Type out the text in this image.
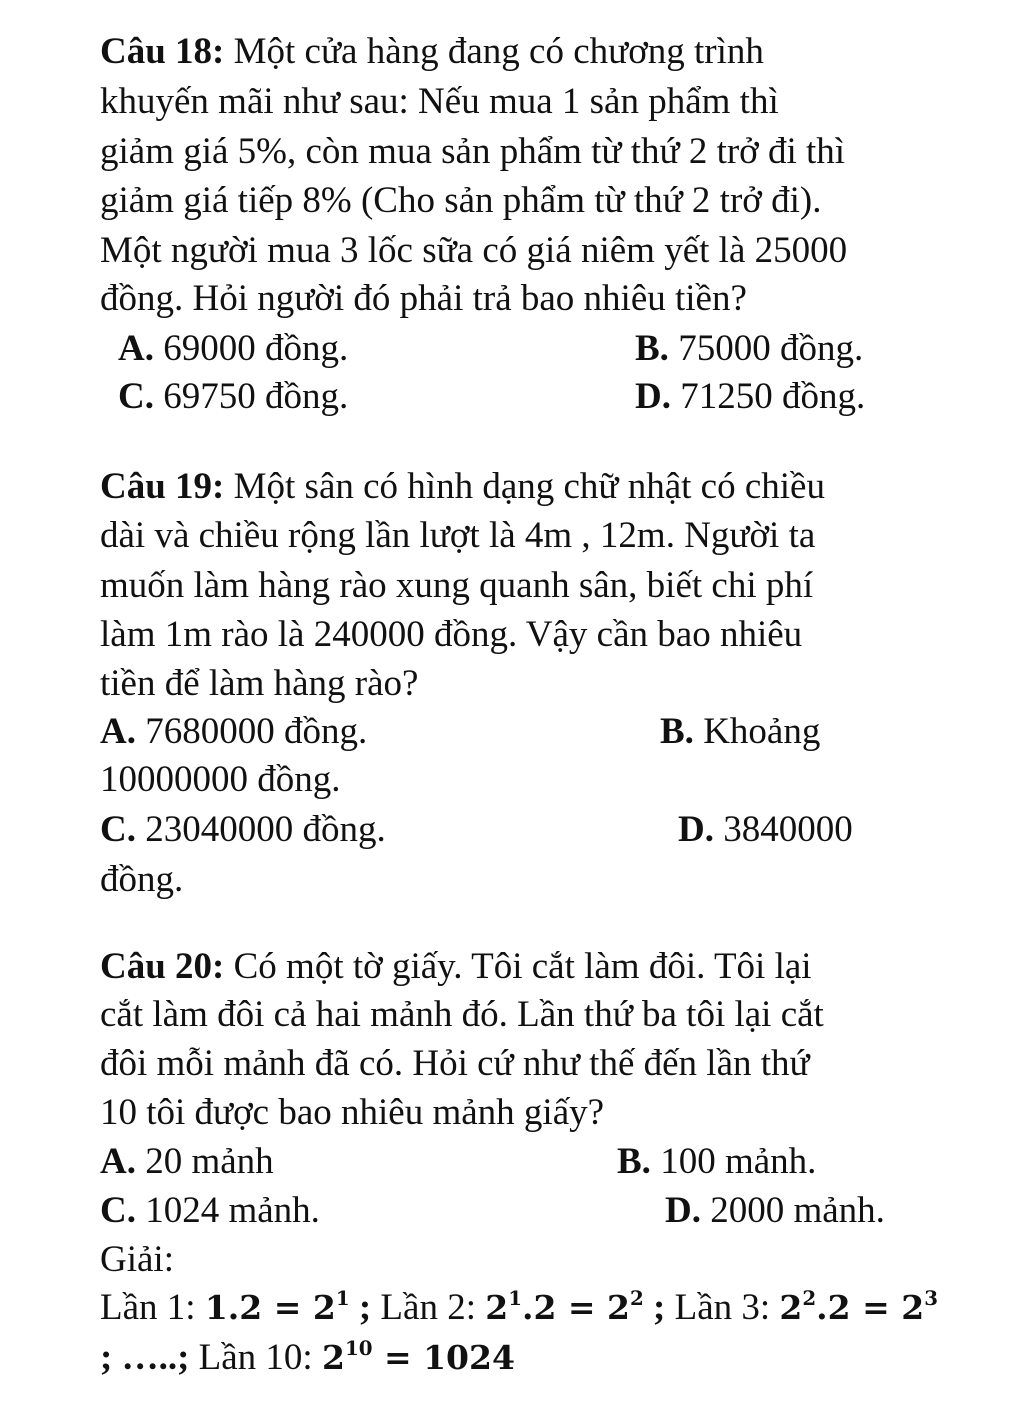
Câu 18: Một cửa hàng đang có chương trình
khuyến mãi như sau: Nếu mua 1 sản phẩm thì
giảm giá 5%, còn mua sản phẩm từ thứ 2 trở đi thì
giảm giá tiếp 8% (Cho sản phẩm từ thứ 2 trở đi).
Một người mua 3 lốc sữa có giá niêm yết là 25000
đồng. Hỏi người đó phải trả bao nhiêu tiền?
A. 69000 đồng.	B. 75000 đồng.
C. 69750 đồng.	D. 71250 đồng.
Câu 19: Một sân có hình dạng chữ nhật có chiều
dài và chiều rộng lần lượt là 4m , 12m. Người ta
muốn làm hàng rào xung quanh sân, biết chi phí
làm 1m rào là 240000 đồng. Vậy cần bao nhiêu
tiền để làm hàng rào?
A. 7680000 đồng.	B. Khoảng
10000000 đồng.
C. 23040000 đồng.	D. 3840000
đồng.
Câu 20: Có một tờ giấy. Tôi cắt làm đôi. Tôi lại
cắt làm đôi cả hai mảnh đó. Lần thứ ba tôi lại cắt
đôi mỗi mảnh đã có. Hỏi cứ như thế đến lần thứ
10 tôi được bao nhiêu mảnh giấy?
A. 20 mảnh	B. 100 mảnh.
C. 1024 mảnh.	D. 2000 mảnh.
Giải:
Lần 1: $1.2 = 2^1$ ; Lần 2: $2^1.2 = 2^2$ ; Lần 3: $2^2.2 = 2^3$
; …..; Lần 10: $2^{10} = 1024$
